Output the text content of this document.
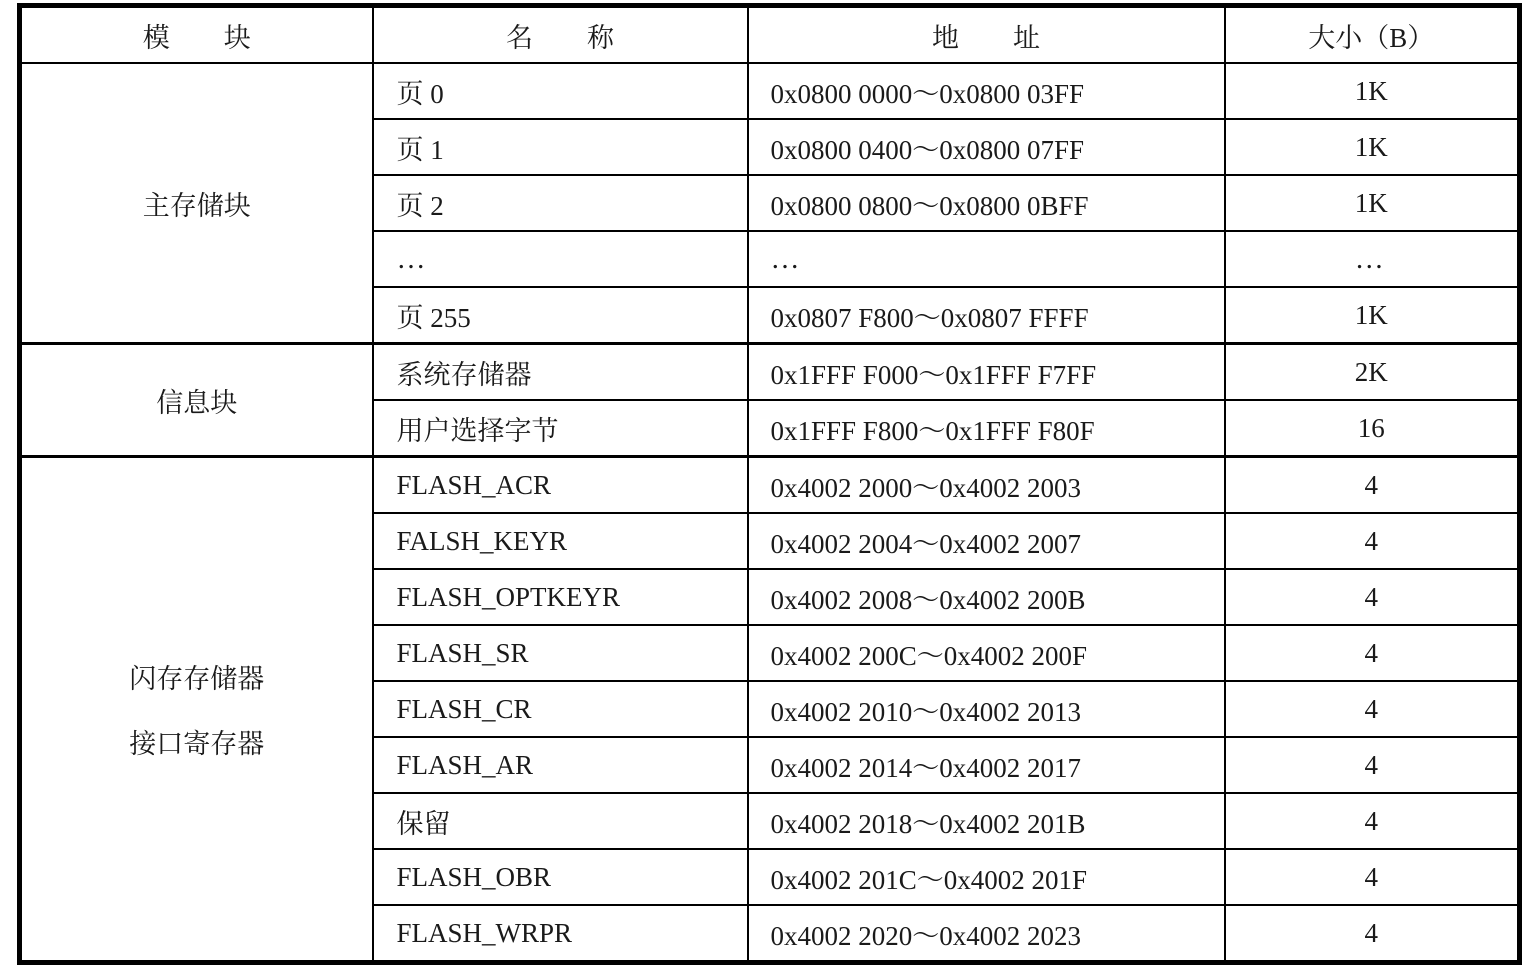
模　　块	名　　称	地　　址	大小（B）

主存储块	页 0	0x0800 0000～0x0800 03FF	1K
	页 1	0x0800 0400～0x0800 07FF	1K
	页 2	0x0800 0800～0x0800 0BFF	1K
	…	…	…
	页 255	0x0807 F800～0x0807 FFFF	1K

信息块	系统存储器	0x1FFF F000～0x1FFF F7FF	2K
	用户选择字节	0x1FFF F800～0x1FFF F80F	16

闪存存储器
接口寄存器	FLASH_ACR	0x4002 2000～0x4002 2003	4
	FALSH_KEYR	0x4002 2004～0x4002 2007	4
	FLASH_OPTKEYR	0x4002 2008～0x4002 200B	4
	FLASH_SR	0x4002 200C～0x4002 200F	4
	FLASH_CR	0x4002 2010～0x4002 2013	4
	FLASH_AR	0x4002 2014～0x4002 2017	4
	保留	0x4002 2018～0x4002 201B	4
	FLASH_OBR	0x4002 201C～0x4002 201F	4
	FLASH_WRPR	0x4002 2020～0x4002 2023	4
